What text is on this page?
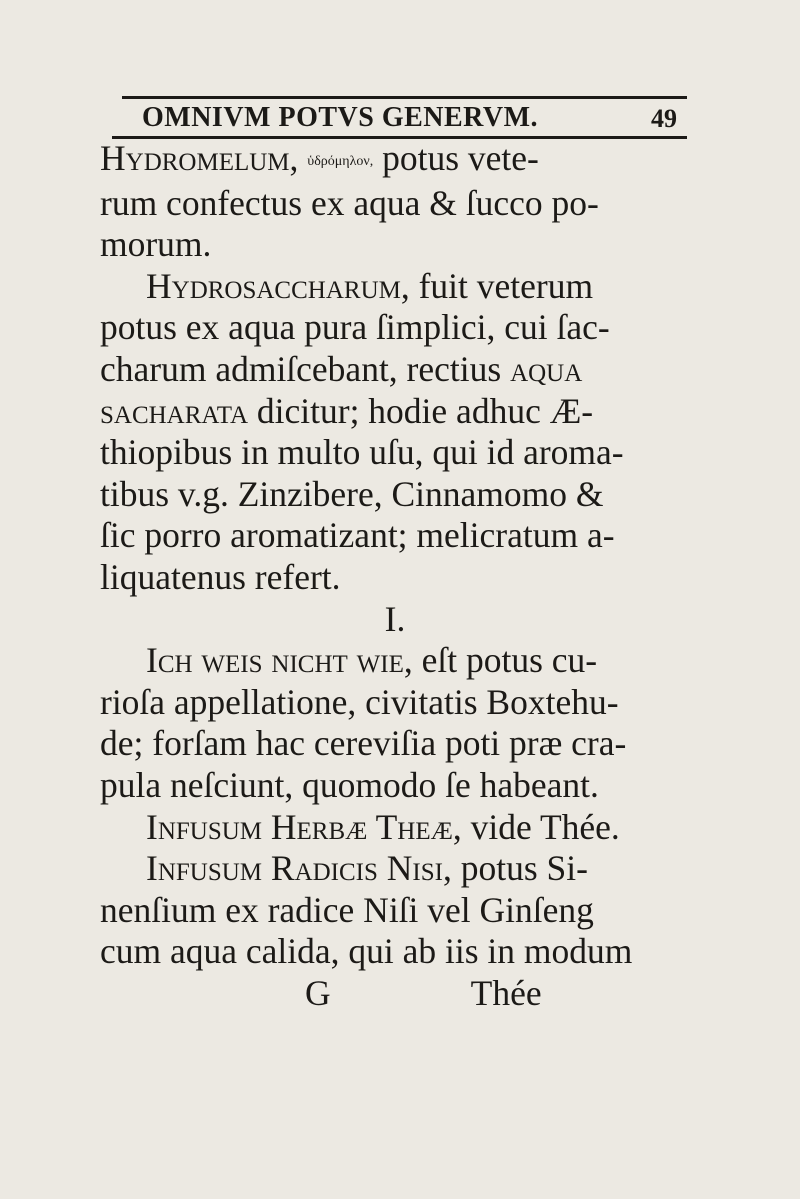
OMNIVM POTVS GENERVM.	49
Hydromelum, ὑδρόμηλον, potus vete-
rum confectus ex aqua & ſucco po-
morum.
Hydrosaccharum, fuit veterum
potus ex aqua pura ſimplici, cui ſac-
charum admiſcebant, rectius aqua
sacharata dicitur; hodie adhuc Æ-
thiopibus in multo uſu, qui id aroma-
tibus v.g. Zinzibere, Cinnamomo &
ſic porro aromatizant; melicratum a-
liquatenus refert.
I.
Ich weis nicht wie, eſt potus cu-
rioſa appellatione, civitatis Boxtehu-
de; forſam hac cereviſia poti præ cra-
pula neſciunt, quomodo ſe habeant.
Infusum Herbæ Theæ, vide Thée.
Infusum Radicis Nisi, potus Si-
nenſium ex radice Niſi vel Ginſeng
cum aqua calida, qui ab iis in modum
G	Thée
